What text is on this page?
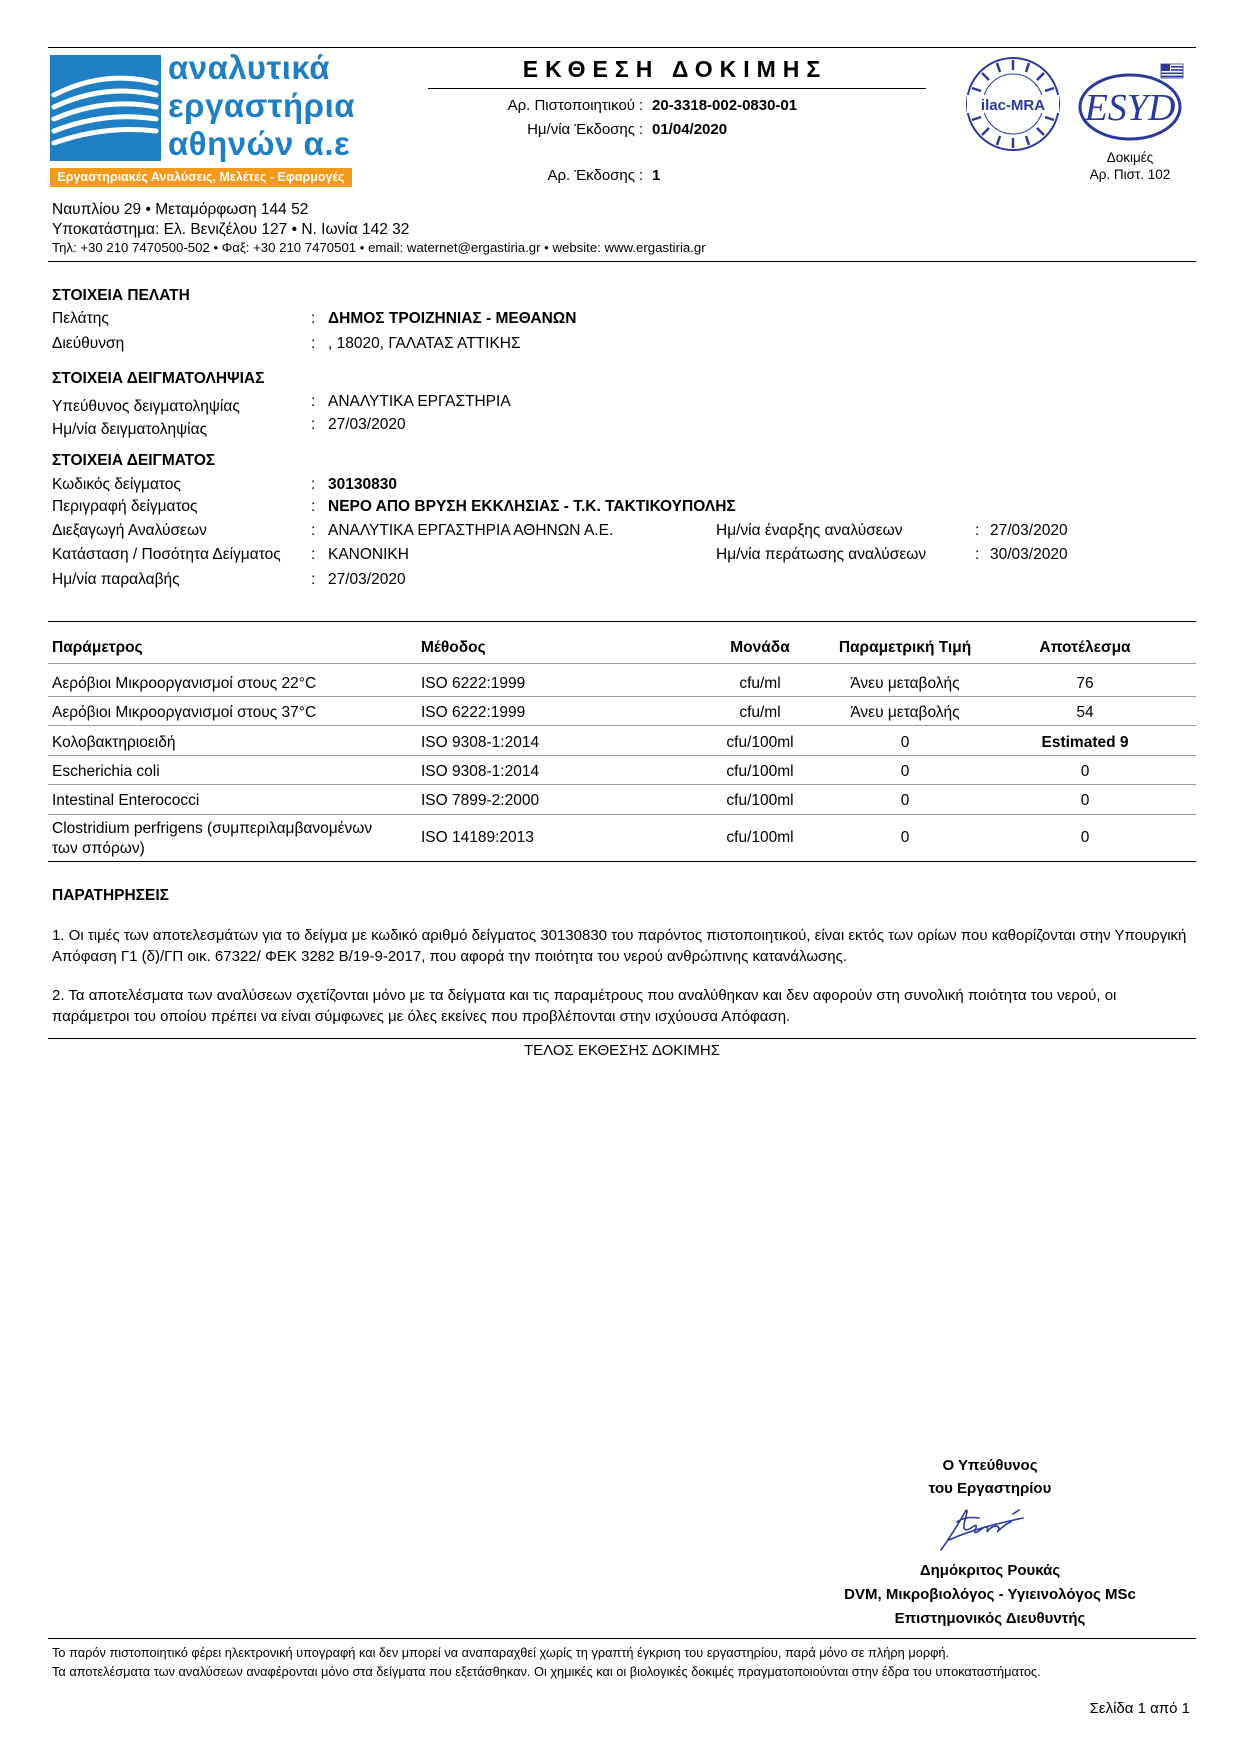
αναλυτικά
εργαστήρια
αθηνών α.ε
Εργαστηριακές Αναλύσεις, Μελέτες - Εφαρμογές
ΕΚΘΕΣΗ ΔΟΚΙΜΗΣ
Αρ. Πιστοποιητικού : 20-3318-002-0830-01
Ημ/νία Έκδοσης : 01/04/2020
Αρ. Έκδοσης : 1
ilac-MRA ESYD
Δοκιμές
Αρ. Πιστ. 102
Ναυπλίου 29 • Μεταμόρφωση 144 52
Υποκατάστημα: Ελ. Βενιζέλου 127 • Ν. Ιωνία 142 32
Τηλ: +30 210 7470500-502 • Φαξ: +30 210 7470501 • email: waternet@ergastiria.gr • website: www.ergastiria.gr
ΣΤΟΙΧΕΙΑ ΠΕΛΑΤΗ
Πελάτης	: ΔΗΜΟΣ ΤΡΟΙΖΗΝΙΑΣ - ΜΕΘΑΝΩΝ
Διεύθυνση	: , 18020, ΓΑΛΑΤΑΣ ΑΤΤΙΚΗΣ
ΣΤΟΙΧΕΙΑ ΔΕΙΓΜΑΤΟΛΗΨΙΑΣ
Υπεύθυνος δειγματοληψίας	: ΑΝΑΛΥΤΙΚΑ ΕΡΓΑΣΤΗΡΙΑ
Ημ/νία δειγματοληψίας	: 27/03/2020
ΣΤΟΙΧΕΙΑ ΔΕΙΓΜΑΤΟΣ
Κωδικός δείγματος	: 30130830
Περιγραφή δείγματος	: ΝΕΡΟ ΑΠΟ ΒΡΥΣΗ ΕΚΚΛΗΣΙΑΣ - Τ.Κ. ΤΑΚΤΙΚΟΥΠΟΛΗΣ
Διεξαγωγή Αναλύσεων	: ΑΝΑΛΥΤΙΚΑ ΕΡΓΑΣΤΗΡΙΑ ΑΘΗΝΩΝ Α.Ε.	Ημ/νία έναρξης αναλύσεων	: 27/03/2020
Κατάσταση / Ποσότητα Δείγματος : ΚΑΝΟΝΙΚΗ	Ημ/νία περάτωσης αναλύσεων	: 30/03/2020
Ημ/νία παραλαβής	: 27/03/2020
Παράμετρος	Μέθοδος	Μονάδα	Παραμετρική Τιμή	Αποτέλεσμα
Αερόβιοι Μικροοργανισμοί στους 22°C	ISO 6222:1999	cfu/ml	Άνευ μεταβολής	76
Αερόβιοι Μικροοργανισμοί στους 37°C	ISO 6222:1999	cfu/ml	Άνευ μεταβολής	54
Κολοβακτηριοειδή	ISO 9308-1:2014	cfu/100ml	0	Estimated 9
Escherichia coli	ISO 9308-1:2014	cfu/100ml	0	0
Intestinal Enterococci	ISO 7899-2:2000	cfu/100ml	0	0
Clostridium perfrigens (συμπεριλαμβανομένων
των σπόρων)
ISO 14189:2013	cfu/100ml	0	0
ΠΑΡΑΤΗΡΗΣΕΙΣ
1. Οι τιμές των αποτελεσμάτων για το δείγμα με κωδικό αριθμό δείγματος 30130830 του παρόντος πιστοποιητικού, είναι εκτός των ορίων που καθορίζονται στην Υπουργική Απόφαση Γ1 (δ)/ΓΠ οικ. 67322/ ΦΕΚ 3282 Β/19-9-2017, που αφορά την ποιότητα του νερού ανθρώπινης κατανάλωσης.
2. Τα αποτελέσματα των αναλύσεων σχετίζονται μόνο με τα δείγματα και τις παραμέτρους που αναλύθηκαν και δεν αφορούν στη συνολική ποιότητα του νερού, οι παράμετροι του οποίου πρέπει να είναι σύμφωνες με όλες εκείνες που προβλέπονται στην ισχύουσα Απόφαση.
ΤΕΛΟΣ ΕΚΘΕΣΗΣ ΔΟΚΙΜΗΣ
Ο Υπεύθυνος
του Εργαστηρίου
Δημόκριτος Ρουκάς
DVM, Μικροβιολόγος - Υγιεινολόγος MSc
Επιστημονικός Διευθυντής
Το παρόν πιστοποιητικό φέρει ηλεκτρονική υπογραφή και δεν μπορεί να αναπαραχθεί χωρίς τη γραπτή έγκριση του εργαστηρίου, παρά μόνο σε πλήρη μορφή.
Τα αποτελέσματα των αναλύσεων αναφέρονται μόνο στα δείγματα που εξετάσθηκαν. Οι χημικές και οι βιολογικές δοκιμές πραγματοποιούνται στην έδρα του υποκαταστήματος.
Σελίδα 1 από 1
